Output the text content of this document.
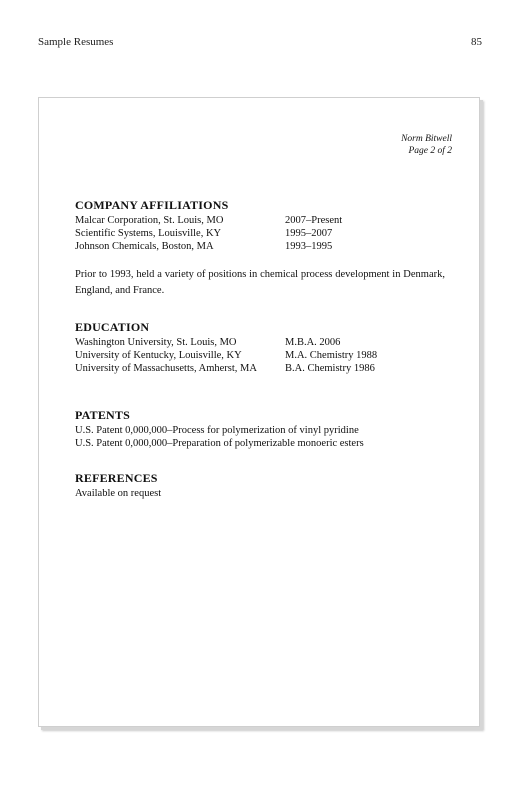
Sample Resumes	85
Norm Bitwell
Page 2 of 2
COMPANY AFFILIATIONS
Malcar Corporation, St. Louis, MO	2007–Present
Scientific Systems, Louisville, KY	1995–2007
Johnson Chemicals, Boston, MA	1993–1995
Prior to 1993, held a variety of positions in chemical process development in Denmark, England, and France.
EDUCATION
Washington University, St. Louis, MO	M.B.A. 2006
University of Kentucky, Louisville, KY	M.A. Chemistry 1988
University of Massachusetts, Amherst, MA	B.A. Chemistry 1986
PATENTS
U.S. Patent 0,000,000–Process for polymerization of vinyl pyridine
U.S. Patent 0,000,000–Preparation of polymerizable monoeric esters
REFERENCES
Available on request
